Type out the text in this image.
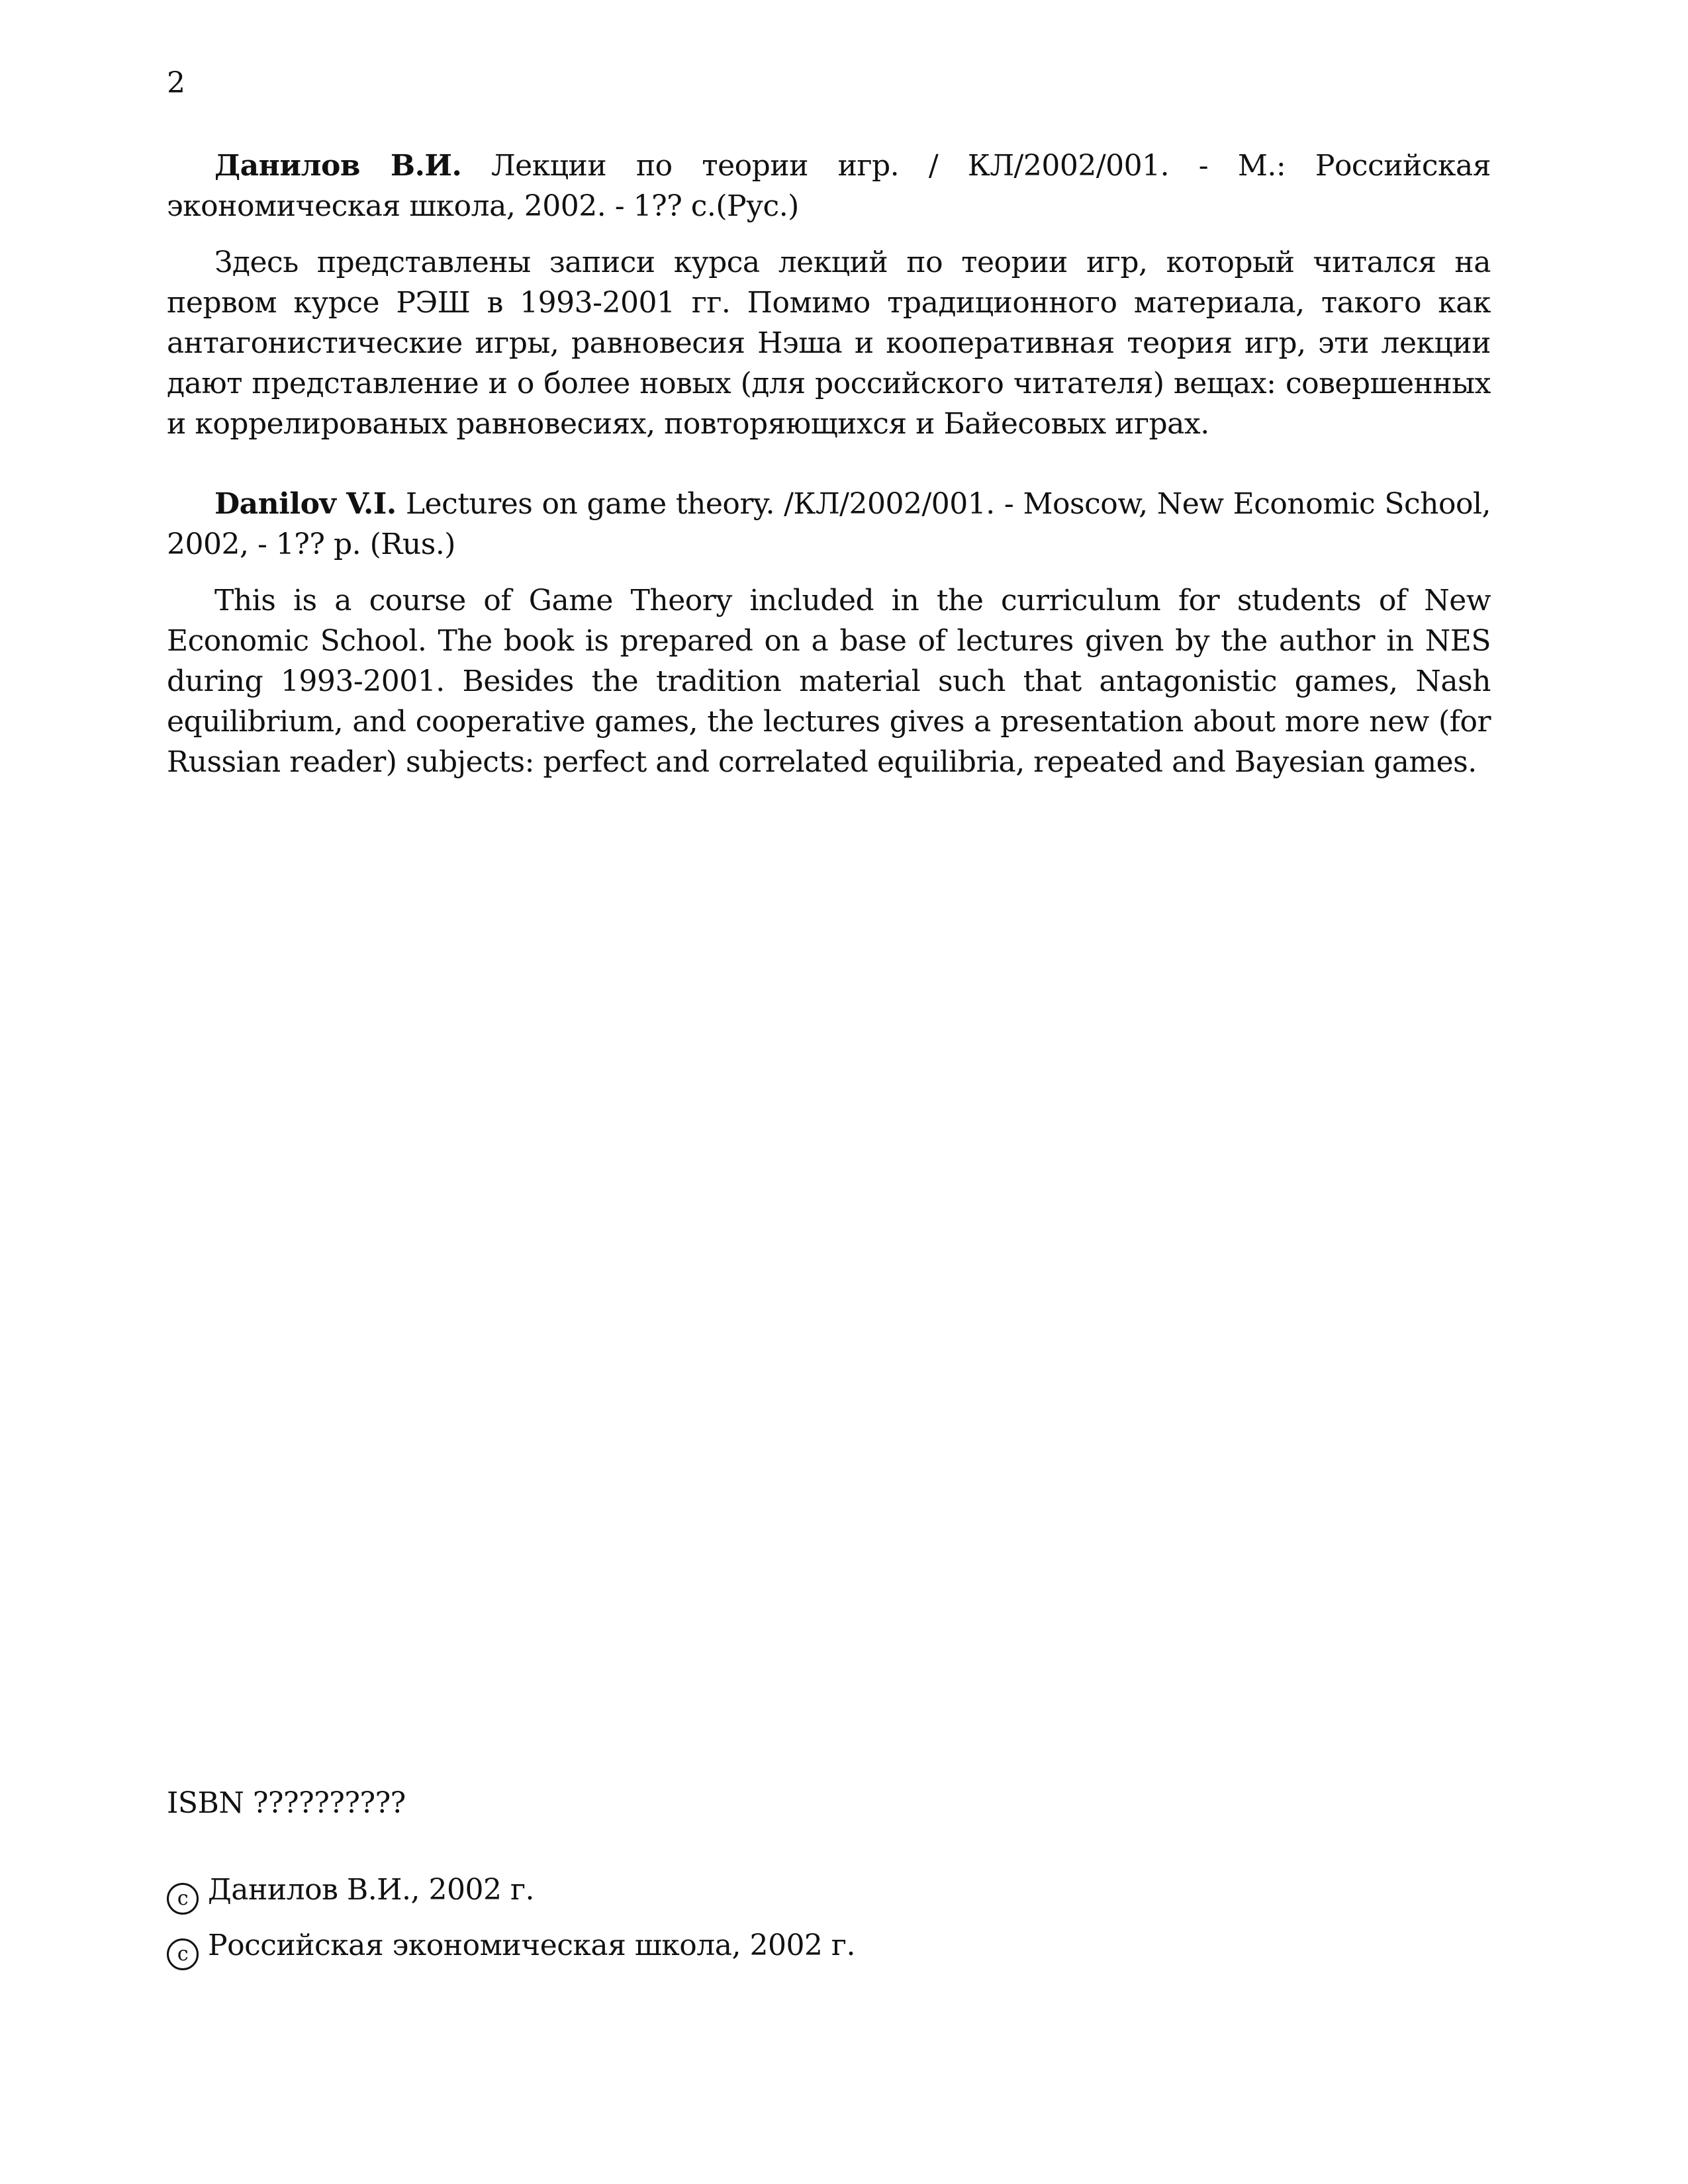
2

Данилов В.И. Лекции по теории игр. / КЛ/2002/001. - М.: Российская экономическая школа, 2002. - 1?? с.(Рус.)

Здесь представлены записи курса лекций по теории игр, который читался на первом курсе РЭШ в 1993-2001 гг. Помимо традиционного материала, такого как антагонистические игры, равновесия Нэша и кооперативная теория игр, эти лекции дают представление и о более новых (для российского читателя) вещах: совершенных и коррелированых равновесиях, повторяющихся и Байесовых играх.

Danilov V.I. Lectures on game theory. /КЛ/2002/001. - Moscow, New Economic School, 2002, - 1?? p. (Rus.)

This is a course of Game Theory included in the curriculum for students of New Economic School. The book is prepared on a base of lectures given by the author in NES during 1993-2001. Besides the tradition material such that antagonistic games, Nash equilibrium, and cooperative games, the lectures gives a presentation about more new (for Russian reader) subjects: perfect and correlated equilibria, repeated and Bayesian games.

ISBN ??????????
c Данилов В.И., 2002 г.
c Российская экономическая школа, 2002 г.
